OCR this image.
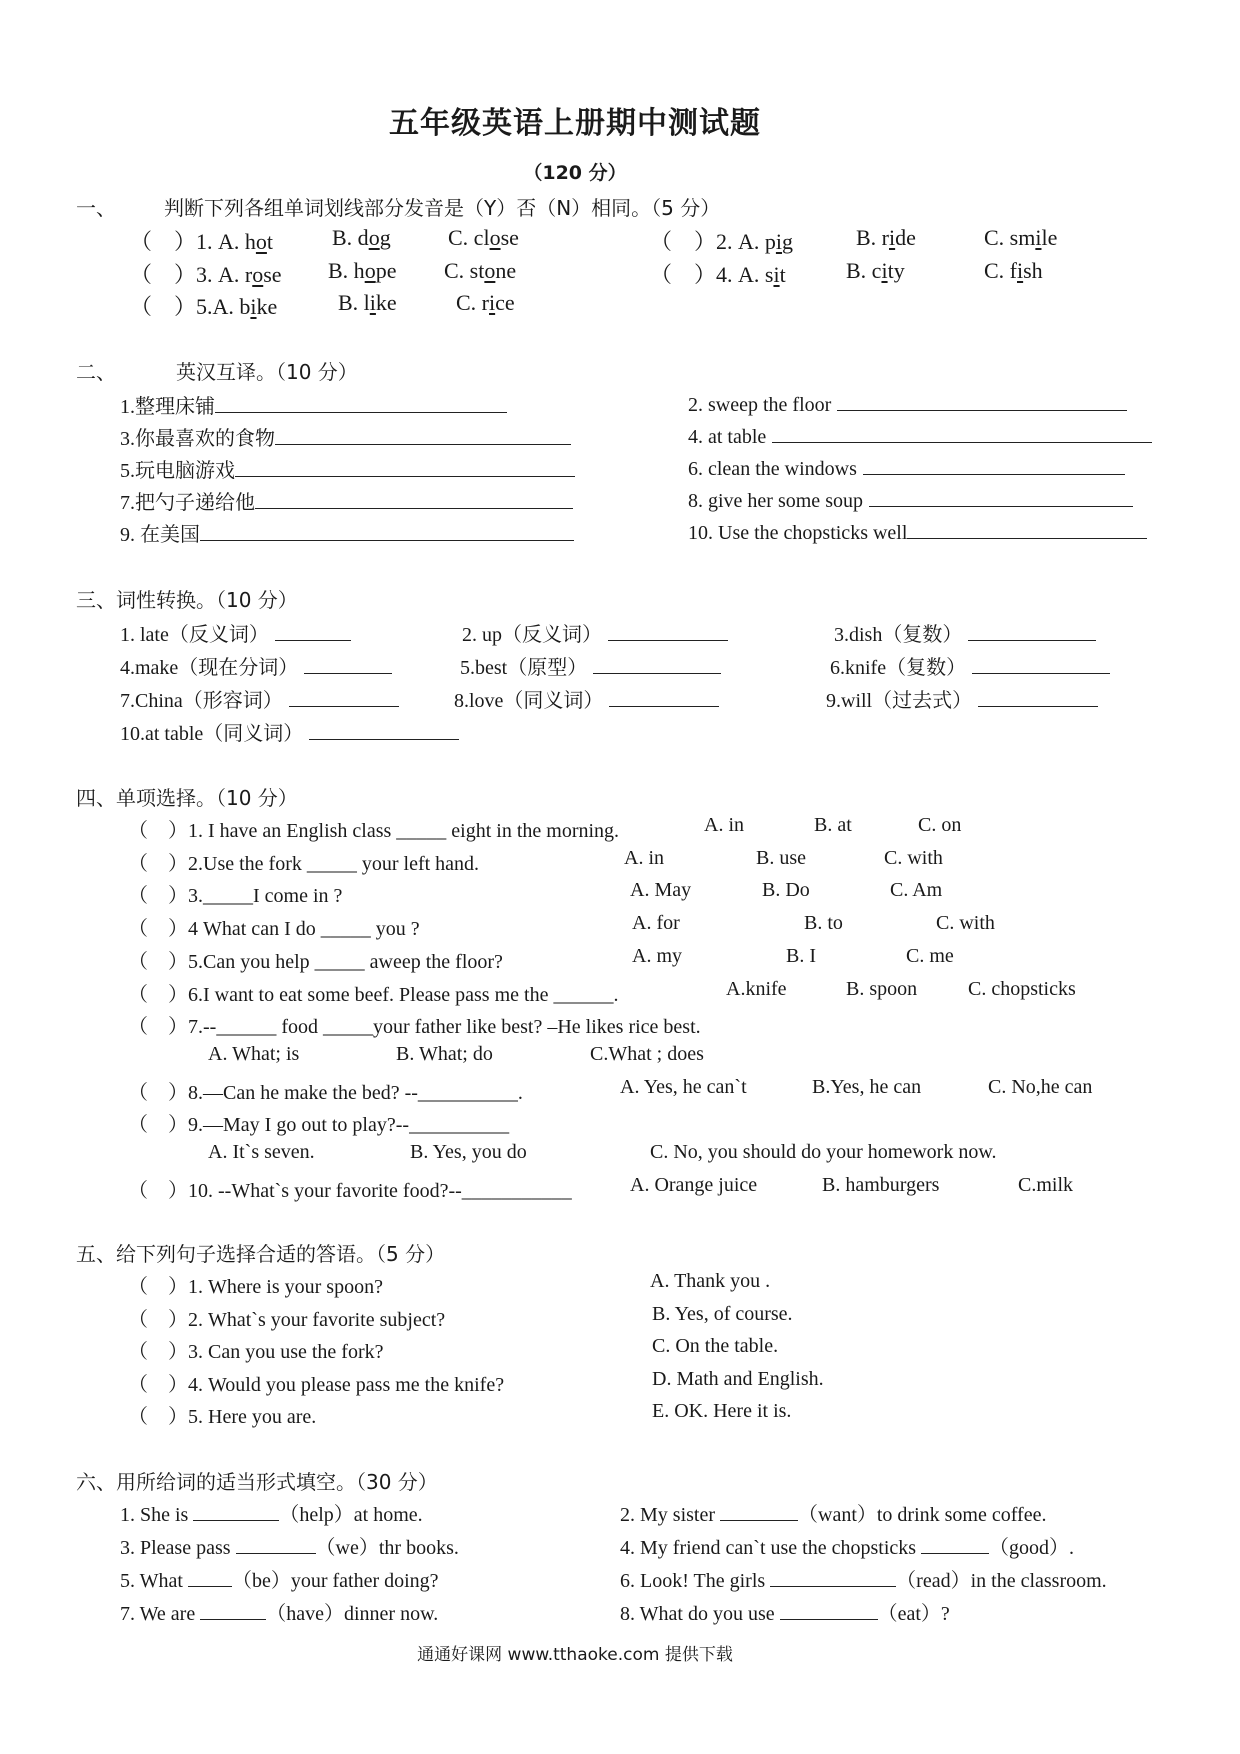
五年级英语上册期中测试题
（120 分）
一、 判断下列各组单词划线部分发音是（Y）否（N）相同。（5 分）
（　）1. A. hot	B. dog	C. close	（　）2. A. pig	B. ride	C. smile
（　）3. A. rose B. hope C. stone	（　）4. A. sit	B. city	C. fish
（　）5.A. bike	B. like	C. rice
二、	英汉互译。（10 分）
1.整理床铺	2. sweep the floor
3.你最喜欢的食物	4. at table
5.玩电脑游戏	6. clean the windows
7.把勺子递给他	8. give her some soup
9. 在美国	10. Use the chopsticks well
三、词性转换。（10 分）
1. late（反义词）	2. up（反义词）	3.dish（复数）
4.make（现在分词）	5.best（原型）	6.knife（复数）
7.China（形容词）	8.love（同义词）	9.will（过去式）
10.at table（同义词）
四、单项选择。（10 分）
（　）1. I have an English class _____ eight in the morning.	A. in	B. at	C. on
（　）2.Use the fork _____ your left hand.	A. in	B. use	C. with
（　）3._____I come in ?	A. May	B. Do	C. Am
（　）4 What can I do _____ you ?	A. for	B. to	C. with
（　）5.Can you help _____ aweep the floor?	A. my	B. I	C. me
（　）6.I want to eat some beef. Please pass me the ______.	A.knife	B. spoon	C. chopsticks
（　）7.--______ food _____your father like best? –He likes rice best.
A. What; is	B. What; do	C.What ; does
（　）8.—Can he make the bed? --__________.	A. Yes, he can`t	B.Yes, he can	C. No,he can
（　）9.—May I go out to play?--__________
A. It`s seven.	B. Yes, you do	C. No, you should do your homework now.
（　）10. --What`s your favorite food?--___________	A. Orange juice	B. hamburgers	C.milk
五、给下列句子选择合适的答语。（5 分）
（　）1. Where is your spoon?	A. Thank you .
（　）2. What`s your favorite subject?	B. Yes, of course.
（　）3. Can you use the fork?	C. On the table.
（　）4. Would you please pass me the knife?	D. Math and English.
（　）5. Here you are.	E. OK. Here it is.
六、用所给词的适当形式填空。（30 分）
1. She is	（help）at home.	2. My sister	（want）to drink some coffee.
3. Please pass	（we）thr books.	4. My friend can`t use the chopsticks	（good）.
5. What （be）your father doing?	6. Look! The girls	（read）in the classroom.
7. We are	（have）dinner now.	8. What do you use	（eat）?
通通好课网 www.tthaoke.com 提供下载
